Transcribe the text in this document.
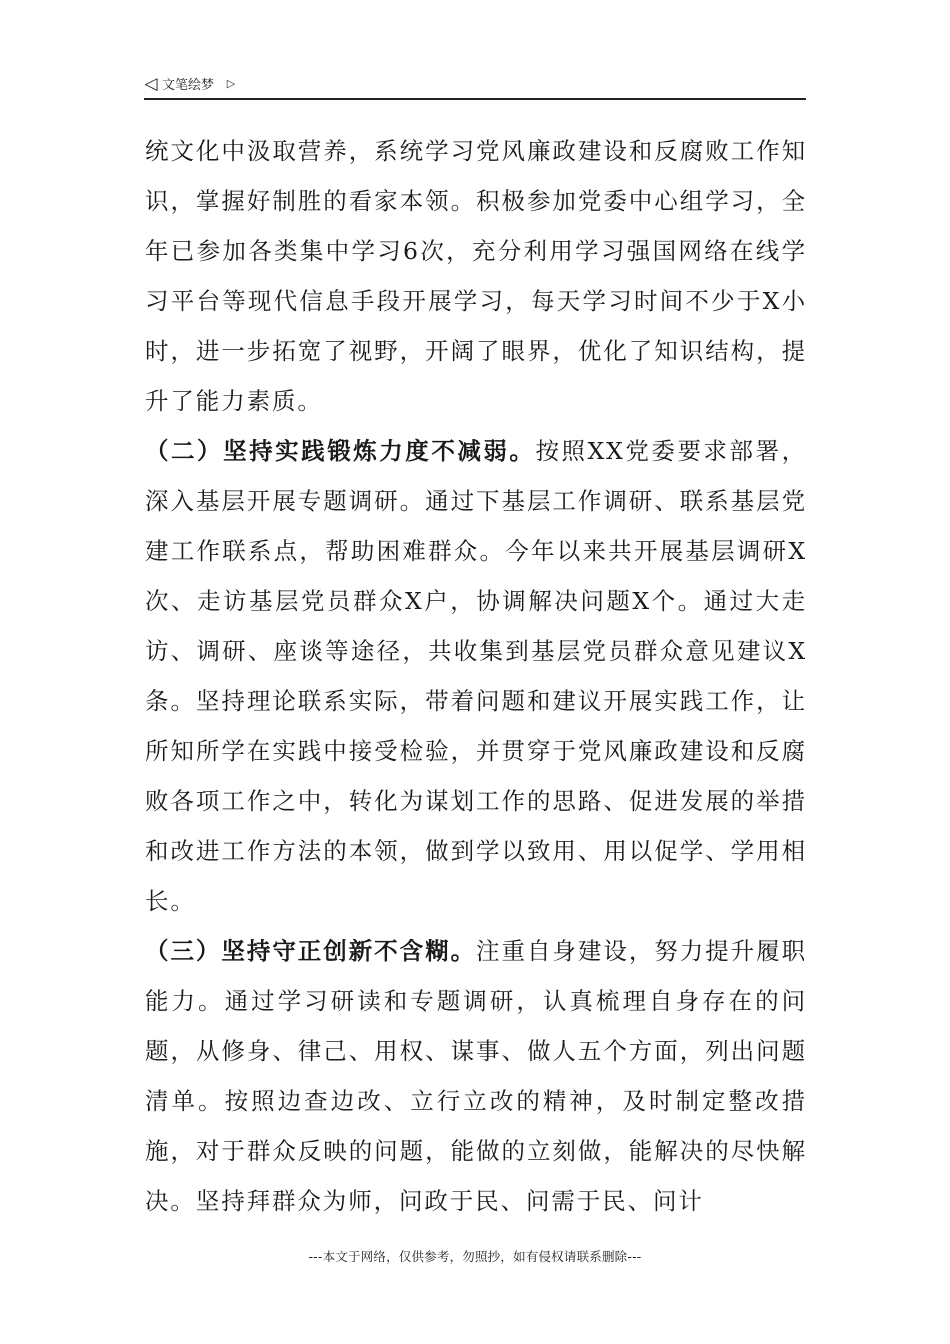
◁ 文笔绘梦 ▷

统文化中汲取营养，系统学习党风廉政建设和反腐败工作知识，掌握好制胜的看家本领。积极参加党委中心组学习，全年已参加各类集中学习6次，充分利用学习强国网络在线学习平台等现代信息手段开展学习，每天学习时间不少于X小时，进一步拓宽了视野，开阔了眼界，优化了知识结构，提升了能力素质。

（二）坚持实践锻炼力度不减弱。按照XX党委要求部署，深入基层开展专题调研。通过下基层工作调研、联系基层党建工作联系点，帮助困难群众。今年以来共开展基层调研X次、走访基层党员群众X户，协调解决问题X个。通过大走访、调研、座谈等途径，共收集到基层党员群众意见建议X条。坚持理论联系实际，带着问题和建议开展实践工作，让所知所学在实践中接受检验，并贯穿于党风廉政建设和反腐败各项工作之中，转化为谋划工作的思路、促进发展的举措和改进工作方法的本领，做到学以致用、用以促学、学用相长。

（三）坚持守正创新不含糊。注重自身建设，努力提升履职能力。通过学习研读和专题调研，认真梳理自身存在的问题，从修身、律己、用权、谋事、做人五个方面，列出问题清单。按照边查边改、立行立改的精神，及时制定整改措施，对于群众反映的问题，能做的立刻做，能解决的尽快解决。坚持拜群众为师，问政于民、问需于民、问计

---本文于网络，仅供参考，勿照抄，如有侵权请联系删除---
